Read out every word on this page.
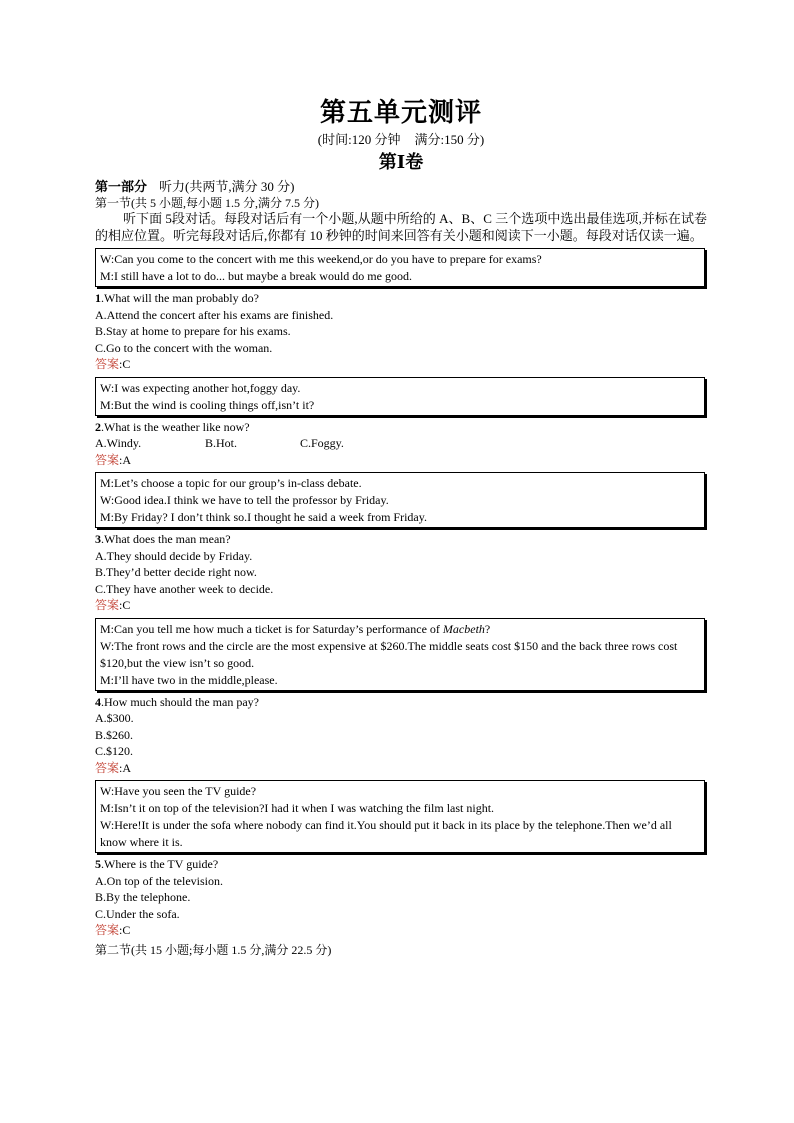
第五单元测评

(时间:120 分钟 满分:150 分)

第Ⅰ卷

第一部分 听力(共两节,满分 30 分)

第一节(共 5 小题,每小题 1.5 分,满分 7.5 分)

听下面 5段对话。每段对话后有一个小题,从题中所给的 A、B、C 三个选项中选出最佳选项,并标在试卷的相应位置。听完每段对话后,你都有 10 秒钟的时间来回答有关小题和阅读下一小题。每段对话仅读一遍。

W:Can you come to the concert with me this weekend,or do you have to prepare for exams?

M:I still have a lot to do... but maybe a break would do me good.

1.What will the man probably do?

A.Attend the concert after his exams are finished.

B.Stay at home to prepare for his exams.

C.Go to the concert with the woman.

答案:C

W:I was expecting another hot,foggy day.

M:But the wind is cooling things off,isn’t it?

2.What is the weather like now?

A.Windy.	B.Hot.	C.Foggy.

答案:A

M:Let’s choose a topic for our group’s in-class debate.

W:Good idea.I think we have to tell the professor by Friday.

M:By Friday? I don’t think so.I thought he said a week from Friday.

3.What does the man mean?

A.They should decide by Friday.

B.They’d better decide right now.

C.They have another week to decide.

答案:C

M:Can you tell me how much a ticket is for Saturday’s performance of Macbeth?

W:The front rows and the circle are the most expensive at $260.The middle seats cost $150 and the back three rows cost $120,but the view isn’t so good.

M:I’ll have two in the middle,please.

4.How much should the man pay?

A.$300.

B.$260.

C.$120.

答案:A

W:Have you seen the TV guide?

M:Isn’t it on top of the television?I had it when I was watching the film last night.

W:Here!It is under the sofa where nobody can find it.You should put it back in its place by the telephone.Then we’d all know where it is.

5.Where is the TV guide?

A.On top of the television.

B.By the telephone.

C.Under the sofa.

答案:C

第二节(共 15 小题;每小题 1.5 分,满分 22.5 分)
